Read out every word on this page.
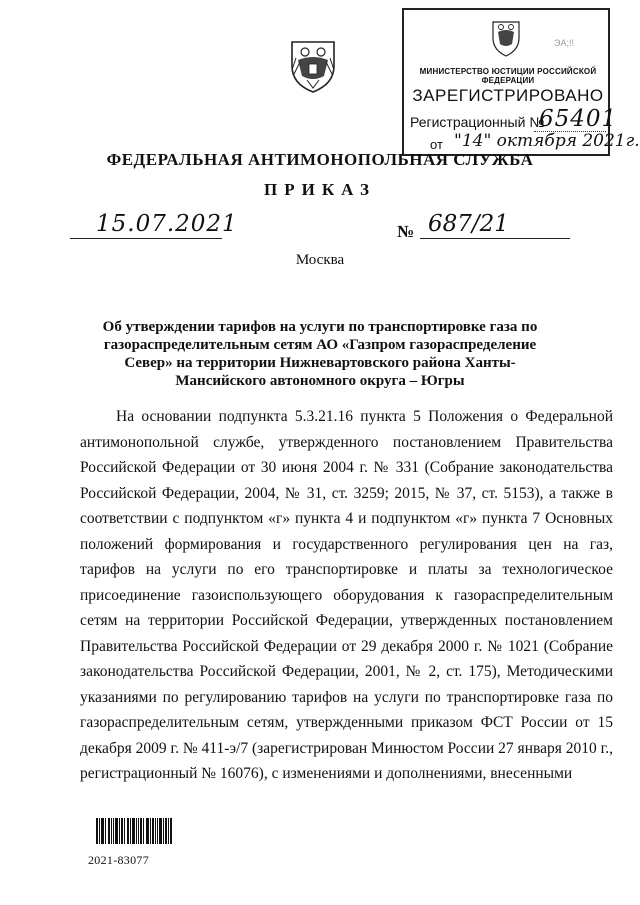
ЭА;!!
МИНИСТЕРСТВО ЮСТИЦИИ РОССИЙСКОЙ ФЕДЕРАЦИИ
ЗАРЕГИСТРИРОВАНО
Регистрационный №
65401
от "14" октября 2021г.
ФЕДЕРАЛЬНАЯ АНТИМОНОПОЛЬНАЯ СЛУЖБА
ПРИКАЗ
15.07.2021	№ 687/21
Москва
Об утверждении тарифов на услуги по транспортировке газа по газораспределительным сетям АО «Газпром газораспределение Север» на территории Нижневартовского района Ханты-Мансийского автономного округа – Югры
На основании подпункта 5.3.21.16 пункта 5 Положения о Федеральной антимонопольной службе, утвержденного постановлением Правительства Российской Федерации от 30 июня 2004 г. № 331 (Собрание законодательства Российской Федерации, 2004, № 31, ст. 3259; 2015, № 37, ст. 5153), а также в соответствии с подпунктом «г» пункта 4 и подпунктом «г» пункта 7 Основных положений формирования и государственного регулирования цен на газ, тарифов на услуги по его транспортировке и платы за технологическое присоединение газоиспользующего оборудования к газораспределительным сетям на территории Российской Федерации, утвержденных постановлением Правительства Российской Федерации от 29 декабря 2000 г. № 1021 (Собрание законодательства Российской Федерации, 2001, № 2, ст. 175), Методическими указаниями по регулированию тарифов на услуги по транспортировке газа по газораспределительным сетям, утвержденными приказом ФСТ России от 15 декабря 2009 г. № 411-э/7 (зарегистрирован Минюстом России 27 января 2010 г., регистрационный № 16076), с изменениями и дополнениями, внесенными
2021-83077
